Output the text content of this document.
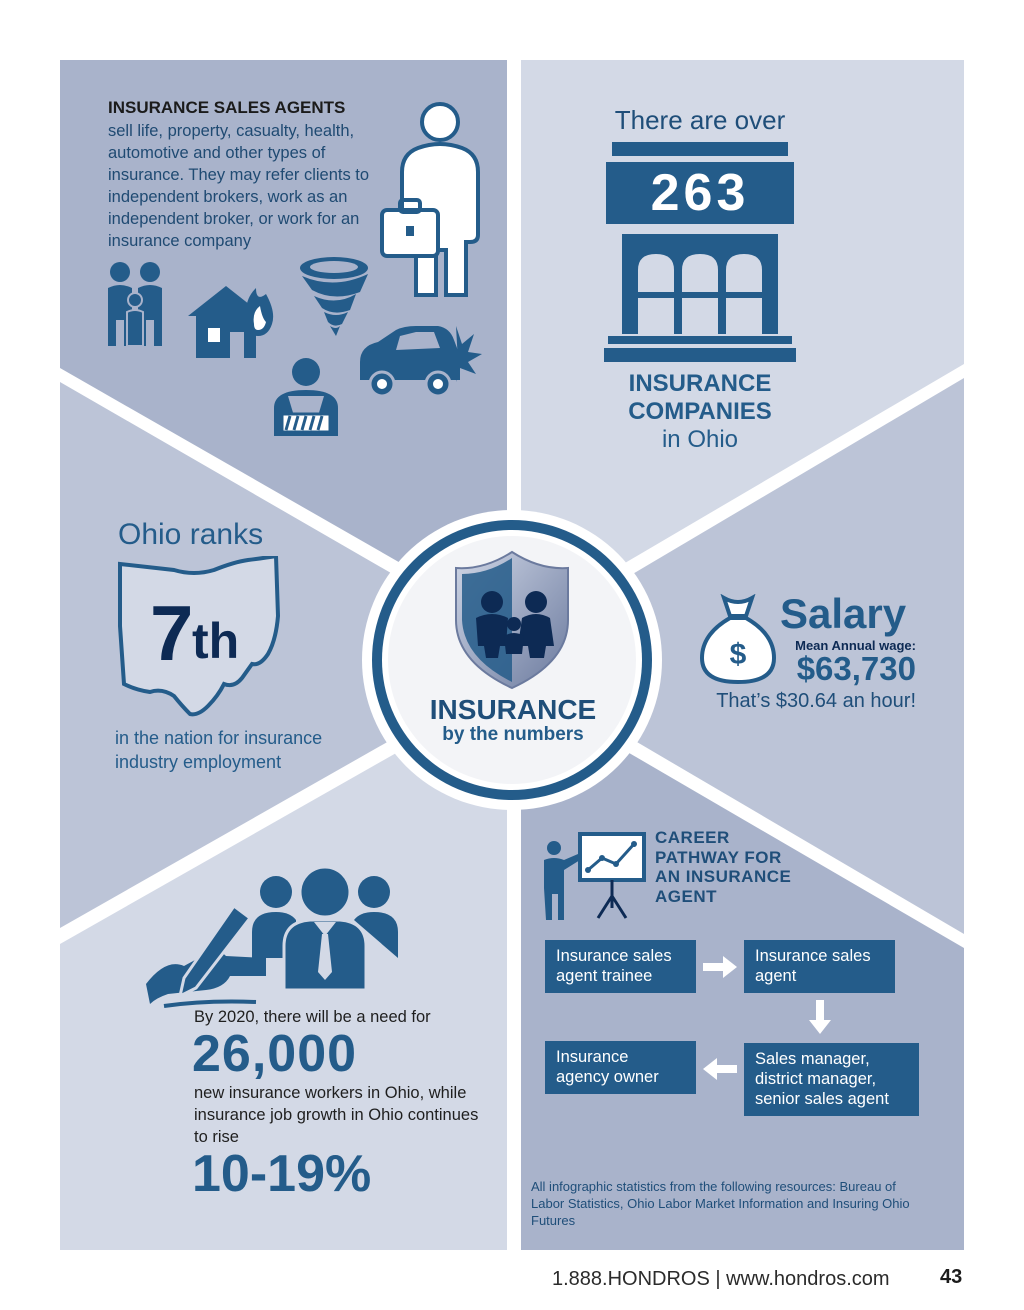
INSURANCE SALES AGENTS
sell life, property, casualty, health, automotive and other types of insurance. They may refer clients to independent brokers, work as an independent broker, or work for an insurance company
There are over
263
INSURANCE COMPANIES
in Ohio
Ohio ranks
7 th
in the nation for insurance industry employment
INSURANCE
by the numbers
$
Salary
Mean Annual wage:
$63,730
That’s $30.64 an hour!
CAREER PATHWAY FOR AN INSURANCE AGENT
Insurance sales agent trainee
Insurance sales agent
Sales manager, district manager, senior sales agent
Insurance agency owner
All infographic statistics from the following resources: Bureau of Labor Statistics, Ohio Labor Market Information and Insuring Ohio Futures
By 2020, there will be a need for
26,000
new insurance workers in Ohio, while insurance job growth in Ohio continues to rise
10-19%
1.888.HONDROS | www.hondros.com	43
